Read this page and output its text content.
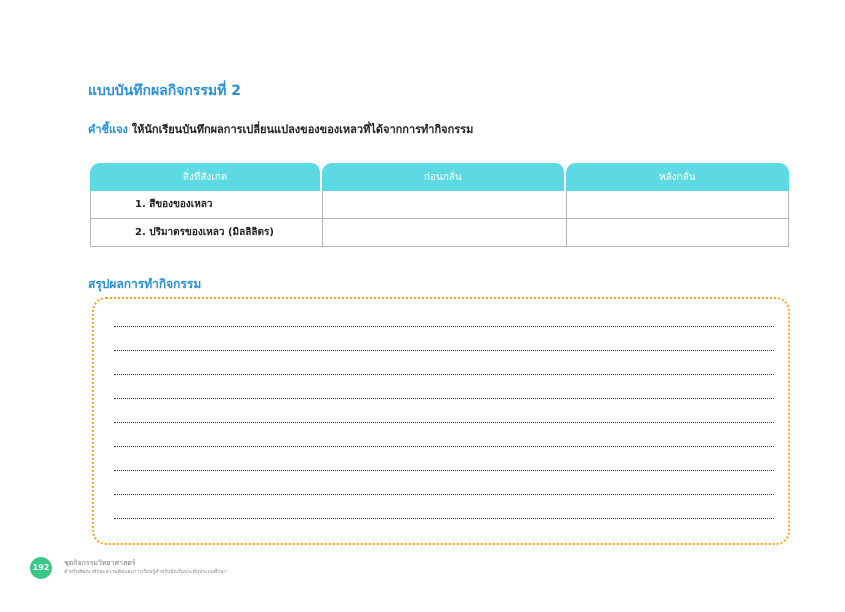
แบบบันทึกผลกิจกรรมที่ 2
คำชี้แจง ให้นักเรียนบันทึกผลการเปลี่ยนแปลงของของเหลวที่ได้จากการทำกิจกรรม
สิ่งที่สังเกต	ก่อนกลั่น	หลังกลั่น
1. สีของของเหลว		
2. ปริมาตรของเหลว (มิลลิลิตร)		
สรุปผลการทำกิจกรรม
192	ชุดกิจกรรมวิทยาศาสตร์
สำหรับพัฒนาทักษะความคิดและการเรียนรู้สำหรับนักเรียนระดับประถมศึกษา
